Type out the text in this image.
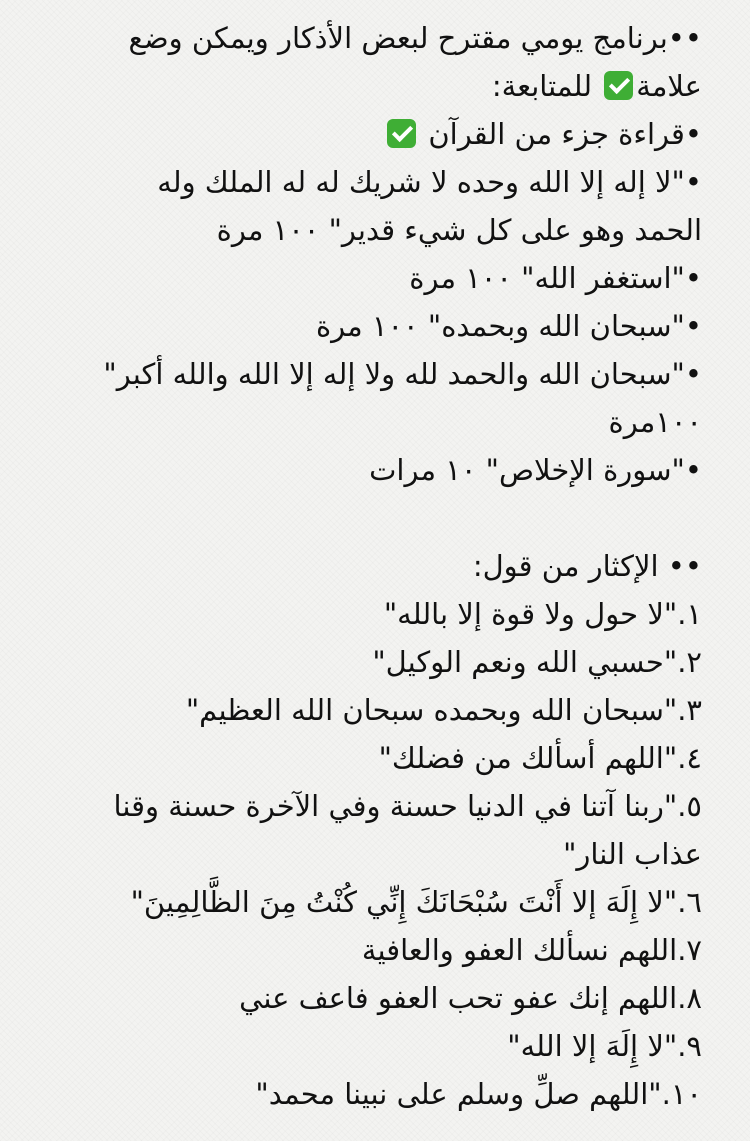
••برنامج يومي مقترح لبعض الأذكار ويمكن وضع
علامة للمتابعة:
•قراءة جزء من القرآن
•"لا إله إلا الله وحده لا شريك له له الملك وله
الحمد وهو على كل شيء قدير" ١٠٠ مرة
•"استغفر الله" ١٠٠ مرة
•"سبحان الله وبحمده" ١٠٠ مرة
•"سبحان الله والحمد لله ولا إله إلا الله والله أكبر"
١٠٠مرة
•"سورة الإخلاص" ١٠ مرات
•• الإكثار من قول:
١."لا حول ولا قوة إلا بالله"
٢."حسبي الله ونعم الوكيل"
٣."سبحان الله وبحمده سبحان الله العظيم"
٤."اللهم أسألك من فضلك"
٥."ربنا آتنا في الدنيا حسنة وفي الآخرة حسنة وقنا
عذاب النار"
٦."لا إِلَهَ إلا أَنْتَ سُبْحَانَكَ إِنِّي كُنْتُ مِنَ الظَّالِمِينَ"
٧.اللهم نسألك العفو والعافية
٨.اللهم إنك عفو تحب العفو فاعف عني
٩."لا إِلَهَ إلا الله"
١٠."اللهم صلِّ وسلم على نبينا محمد"
